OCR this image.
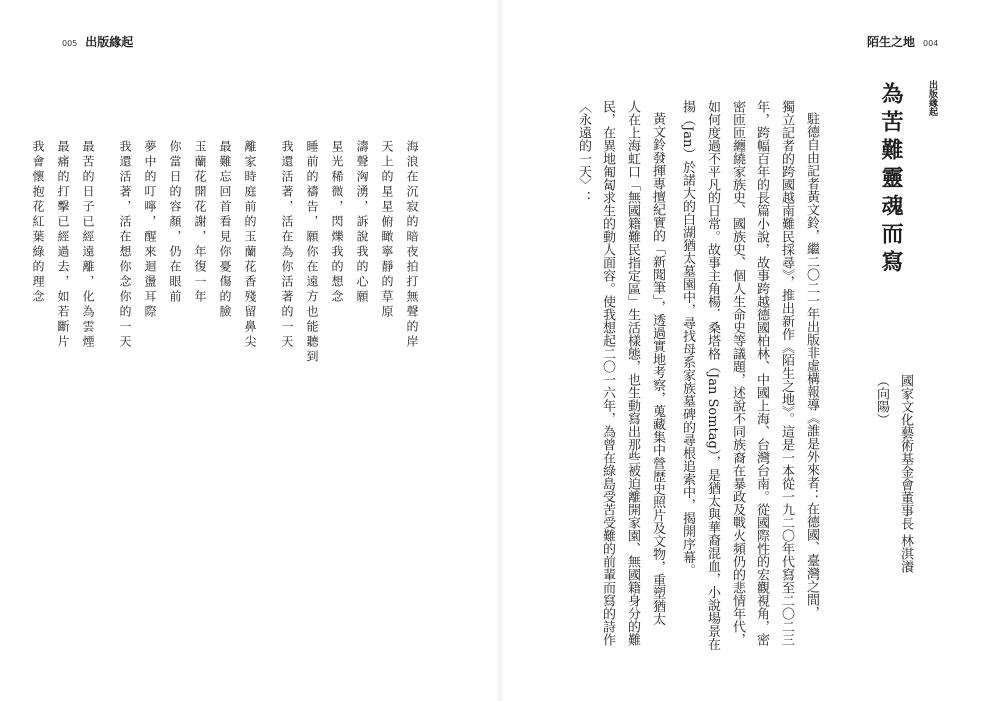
005 出版緣起	陌生之地 004
出版緣起
為苦難靈魂而寫
國家文化藝術基金會董事長 林淇瀁
（向陽）
駐德自由記者黃文鈴，繼二〇二一年出版非虛構報導《誰是外來者：在德國、臺灣之間，
獨立記者的跨國越南難民採尋》，推出新作《陌生之地》。這是一本從一九二〇年代寫至二〇二三
年，跨幅百年的長篇小說，故事跨越德國柏林、中國上海、台灣台南。從國際性的宏觀視角，密
密匝匝纏繞家族史、國族史、個人生命史等議題，述說不同族裔在暴政及戰火頻仍的悲情年代，
如何度過不平凡的日常。故事主角楊．桑塔格（Jan Somtag），是猶太與華裔混血，小說場景在
揚（Jan）於諾大的白湖猶太墓園中，尋找母系家族墓碑的尋根追索中，揭開序幕。
黃文鈴發揮專擅紀實的「新聞筆」，透過實地考察，蒐藏集中營歷史照片及文物，重塑猶太
人在上海虹口「無國籍難民指定區」生活樣態，也生動寫出那些被迫離開家園、無國籍身分的難
民，在異地匍匐求生的動人面容。使我想起二〇一六年，為曾在綠島受苦受難的前輩而寫的詩作
〈永遠的一天〉：
海浪在沉寂的暗夜拍打無聲的岸
天上的星星俯瞰寧靜的草原
濤聲洶湧，訴說我的心願
星光稀微，閃爍我的想念
睡前的禱告，願你在遠方也能聽到
我還活著，活在為你活著的一天
離家時庭前的玉蘭花香殘留鼻尖
最難忘回首看見你憂傷的臉
玉蘭花開花謝，年復一年
你當日的容顏，仍在眼前
夢中的叮嚀，醒來迴盪耳際
我還活著，活在想你念你的一天
最苦的日子已經遠離，化為雲煙
最痛的打擊已經過去，如若斷片
我會懷抱花紅葉綠的理念
